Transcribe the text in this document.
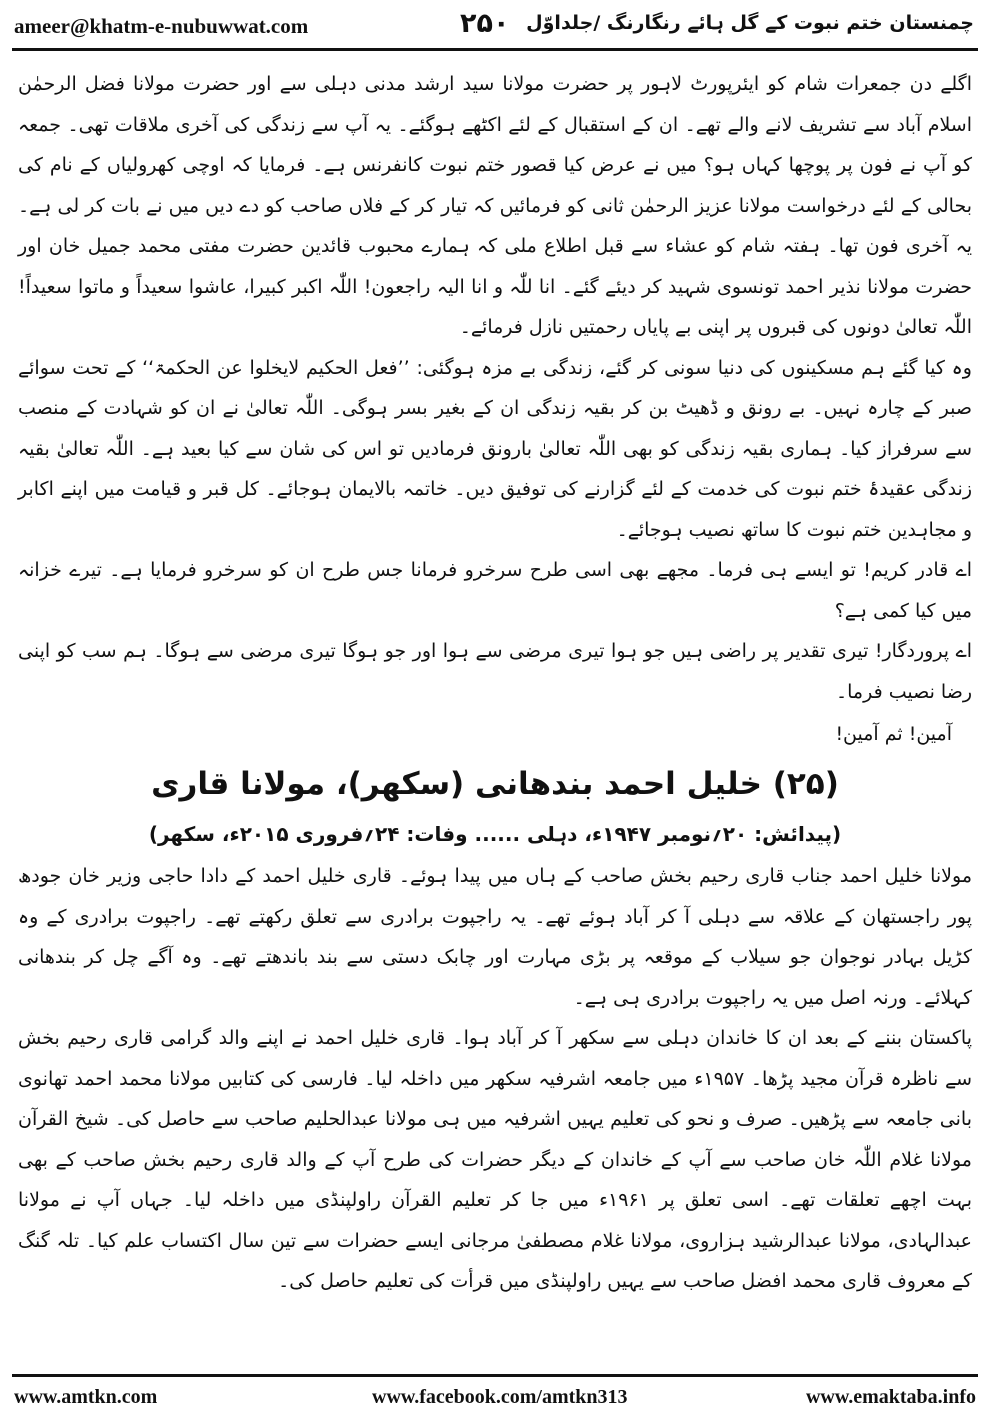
ameer@khatm-e-nubuwwat.com	۲۵۰ چمنستان ختم نبوت کے گل ہائے رنگارنگ /جلداوّل

اگلے دن جمعرات شام کو ایئرپورٹ لاہور پر حضرت مولانا سید ارشد مدنی دہلی سے اور حضرت مولانا فضل الرحمٰن اسلام آباد سے تشریف لانے والے تھے۔ ان کے استقبال کے لئے اکٹھے ہوگئے۔ یہ آپ سے زندگی کی آخری ملاقات تھی۔ جمعہ کو آپ نے فون پر پوچھا کہاں ہو؟ میں نے عرض کیا قصور ختم نبوت کانفرنس ہے۔ فرمایا کہ اوچی کھرولیاں کے نام کی بحالی کے لئے درخواست مولانا عزیز الرحمٰن ثانی کو فرمائیں کہ تیار کر کے فلاں صاحب کو دے دیں میں نے بات کر لی ہے۔ یہ آخری فون تھا۔ ہفتہ شام کو عشاء سے قبل اطلاع ملی کہ ہمارے محبوب قائدین حضرت مفتی محمد جمیل خان اور حضرت مولانا نذیر احمد تونسوی شہید کر دیئے گئے۔ انا للّٰہ و انا الیہ راجعون! اللّٰہ اکبر کبیرا، عاشوا سعیداً و ماتوا سعیداً! اللّٰہ تعالیٰ دونوں کی قبروں پر اپنی بے پایاں رحمتیں نازل فرمائے۔

وہ کیا گئے ہم مسکینوں کی دنیا سونی کر گئے، زندگی بے مزہ ہوگئی: ’’فعل الحکیم لایخلوا عن الحکمۃ‘‘ کے تحت سوائے صبر کے چارہ نہیں۔ بے رونق و ڈھیٹ بن کر بقیہ زندگی ان کے بغیر بسر ہوگی۔ اللّٰہ تعالیٰ نے ان کو شہادت کے منصب سے سرفراز کیا۔ ہماری بقیہ زندگی کو بھی اللّٰہ تعالیٰ بارونق فرمادیں تو اس کی شان سے کیا بعید ہے۔ اللّٰہ تعالیٰ بقیہ زندگی عقیدۂ ختم نبوت کی خدمت کے لئے گزارنے کی توفیق دیں۔ خاتمہ بالایمان ہوجائے۔ کل قبر و قیامت میں اپنے اکابر و مجاہدین ختم نبوت کا ساتھ نصیب ہوجائے۔

اے قادر کریم! تو ایسے ہی فرما۔ مجھے بھی اسی طرح سرخرو فرمانا جس طرح ان کو سرخرو فرمایا ہے۔ تیرے خزانہ میں کیا کمی ہے؟

اے پروردگار! تیری تقدیر پر راضی ہیں جو ہوا تیری مرضی سے ہوا اور جو ہوگا تیری مرضی سے ہوگا۔ ہم سب کو اپنی رضا نصیب فرما۔

آمین! ثم آمین!
(۲۵) خلیل احمد بندھانی (سکھر)، مولانا قاری
(پیدائش: ۲۰؍نومبر ۱۹۴۷ء، دہلی ...... وفات: ۲۴؍فروری ۲۰۱۵ء، سکھر)

مولانا خلیل احمد جناب قاری رحیم بخش صاحب کے ہاں میں پیدا ہوئے۔ قاری خلیل احمد کے دادا حاجی وزیر خان جودھ پور راجستھان کے علاقہ سے دہلی آ کر آباد ہوئے تھے۔ یہ راجپوت برادری سے تعلق رکھتے تھے۔ راجپوت برادری کے وہ کڑیل بہادر نوجوان جو سیلاب کے موقعہ پر بڑی مہارت اور چابک دستی سے بند باندھتے تھے۔ وہ آگے چل کر بندھانی کہلائے۔ ورنہ اصل میں یہ راجپوت برادری ہی ہے۔

پاکستان بننے کے بعد ان کا خاندان دہلی سے سکھر آ کر آباد ہوا۔ قاری خلیل احمد نے اپنے والد گرامی قاری رحیم بخش سے ناظرہ قرآن مجید پڑھا۔ ۱۹۵۷ء میں جامعہ اشرفیہ سکھر میں داخلہ لیا۔ فارسی کی کتابیں مولانا محمد احمد تھانوی بانی جامعہ سے پڑھیں۔ صرف و نحو کی تعلیم یہیں اشرفیہ میں ہی مولانا عبدالحلیم صاحب سے حاصل کی۔ شیخ القرآن مولانا غلام اللّٰہ خان صاحب سے آپ کے خاندان کے دیگر حضرات کی طرح آپ کے والد قاری رحیم بخش صاحب کے بھی بہت اچھے تعلقات تھے۔ اسی تعلق پر ۱۹۶۱ء میں جا کر تعلیم القرآن راولپنڈی میں داخلہ لیا۔ جہاں آپ نے مولانا عبدالہادی، مولانا عبدالرشید ہزاروی، مولانا غلام مصطفیٰ مرجانی ایسے حضرات سے تین سال اکتساب علم کیا۔ تلہ گنگ کے معروف قاری محمد افضل صاحب سے یہیں راولپنڈی میں قرأت کی تعلیم حاصل کی۔

www.amtkn.com	www.facebook.com/amtkn313	www.emaktaba.info
